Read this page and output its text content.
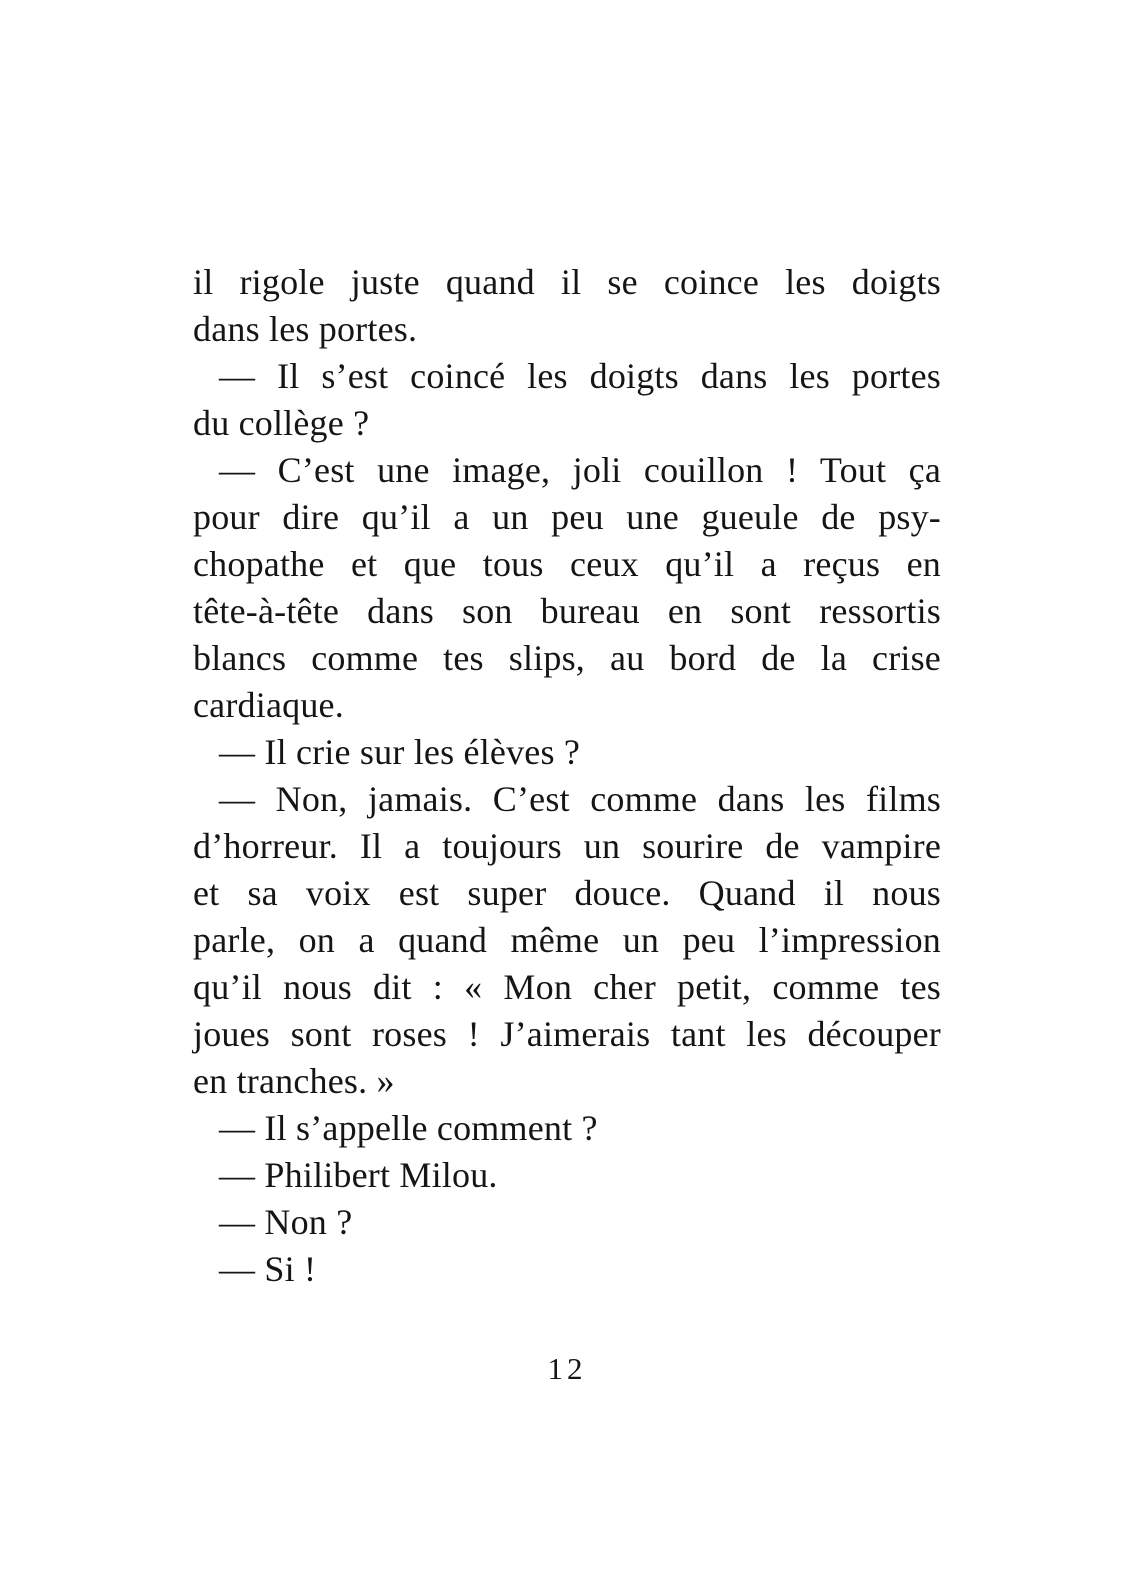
il rigole juste quand il se coince les doigts
dans les portes.
— Il s’est coincé les doigts dans les portes
du collège ?
— C’est une image, joli couillon ! Tout ça
pour dire qu’il a un peu une gueule de psy-
chopathe et que tous ceux qu’il a reçus en
tête-à-tête dans son bureau en sont ressortis
blancs comme tes slips, au bord de la crise
cardiaque.
— Il crie sur les élèves ?
— Non, jamais. C’est comme dans les films
d’horreur. Il a toujours un sourire de vampire
et sa voix est super douce. Quand il nous
parle, on a quand même un peu l’impression
qu’il nous dit : « Mon cher petit, comme tes
joues sont roses ! J’aimerais tant les découper
en tranches. »
— Il s’appelle comment ?
— Philibert Milou.
— Non ?
— Si !
12
